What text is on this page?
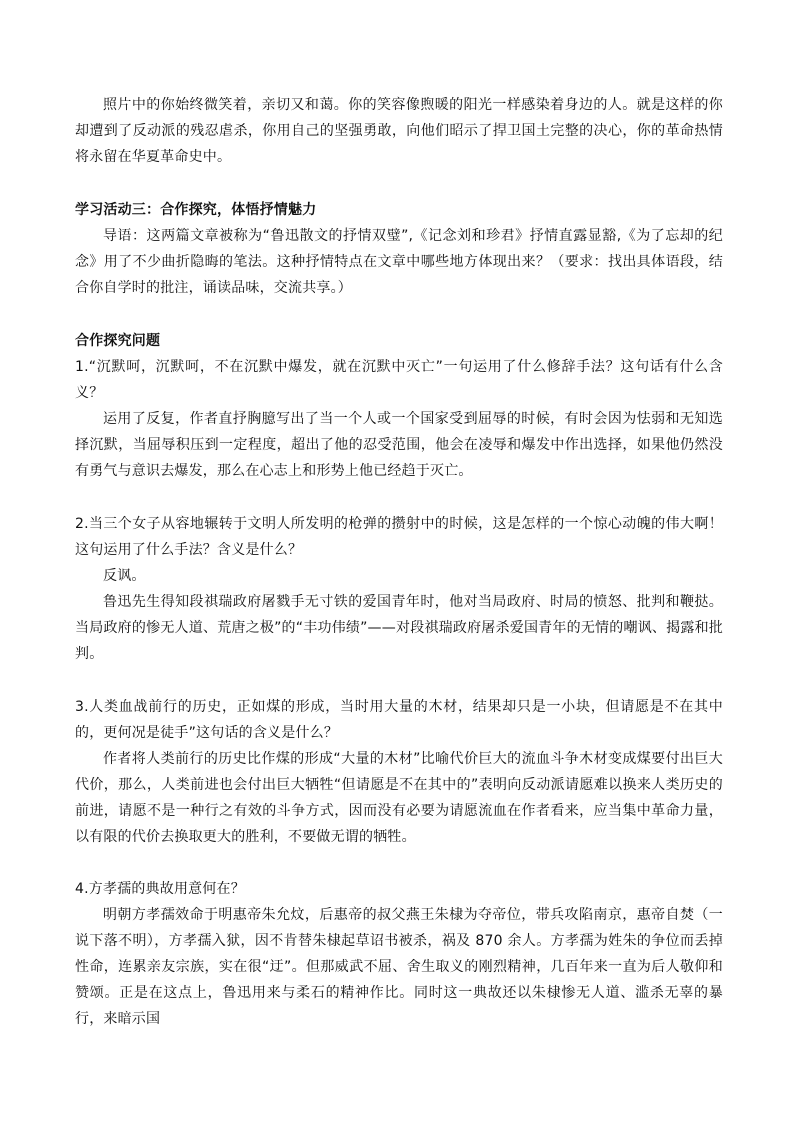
照片中的你始终微笑着，亲切又和蔼。你的笑容像煦暖的阳光一样感染着身边的人。就是这样的你却遭到了反动派的残忍虐杀，你用自己的坚强勇敢，向他们昭示了捍卫国土完整的决心，你的革命热情将永留在华夏革命史中。

学习活动三：合作探究，体悟抒情魅力

导语：这两篇文章被称为“鲁迅散文的抒情双璧”,《记念刘和珍君》抒情直露显豁,《为了忘却的纪念》用了不少曲折隐晦的笔法。这种抒情特点在文章中哪些地方体现出来？（要求：找出具体语段，结合你自学时的批注，诵读品味，交流共享。）

合作探究问题

1.“沉默呵，沉默呵，不在沉默中爆发，就在沉默中灭亡”一句运用了什么修辞手法？这句话有什么含义？

运用了反复，作者直抒胸臆写出了当一个人或一个国家受到屈辱的时候，有时会因为怯弱和无知选择沉默，当屈辱积压到一定程度，超出了他的忍受范围，他会在凌辱和爆发中作出选择，如果他仍然没有勇气与意识去爆发，那么在心志上和形势上他已经趋于灭亡。

2.当三个女子从容地辗转于文明人所发明的枪弹的攒射中的时候，这是怎样的一个惊心动魄的伟大啊！这句运用了什么手法？含义是什么？

反讽。

鲁迅先生得知段祺瑞政府屠戮手无寸铁的爱国青年时，他对当局政府、时局的愤怒、批判和鞭挞。当局政府的惨无人道、荒唐之极”的“丰功伟绩”——对段祺瑞政府屠杀爱国青年的无情的嘲讽、揭露和批判。

3.人类血战前行的历史，正如煤的形成，当时用大量的木材，结果却只是一小块，但请愿是不在其中的，更何况是徒手”这句话的含义是什么？

作者将人类前行的历史比作煤的形成“大量的木材”比喻代价巨大的流血斗争木材变成煤要付出巨大代价，那么，人类前进也会付出巨大牺牲“但请愿是不在其中的”表明向反动派请愿难以换来人类历史的前进，请愿不是一种行之有效的斗争方式，因而没有必要为请愿流血在作者看来，应当集中革命力量，以有限的代价去换取更大的胜利，不要做无谓的牺牲。

4.方孝孺的典故用意何在？

明朝方孝孺效命于明惠帝朱允炆，后惠帝的叔父燕王朱棣为夺帝位，带兵攻陷南京，惠帝自焚（一说下落不明），方孝孺入狱，因不肯替朱棣起草诏书被杀，祸及 870 余人。方孝孺为姓朱的争位而丢掉性命，连累亲友宗族，实在很“迂”。但那威武不屈、舍生取义的刚烈精神，几百年来一直为后人敬仰和赞颂。正是在这点上，鲁迅用来与柔石的精神作比。同时这一典故还以朱棣惨无人道、滥杀无辜的暴行，来暗示国
